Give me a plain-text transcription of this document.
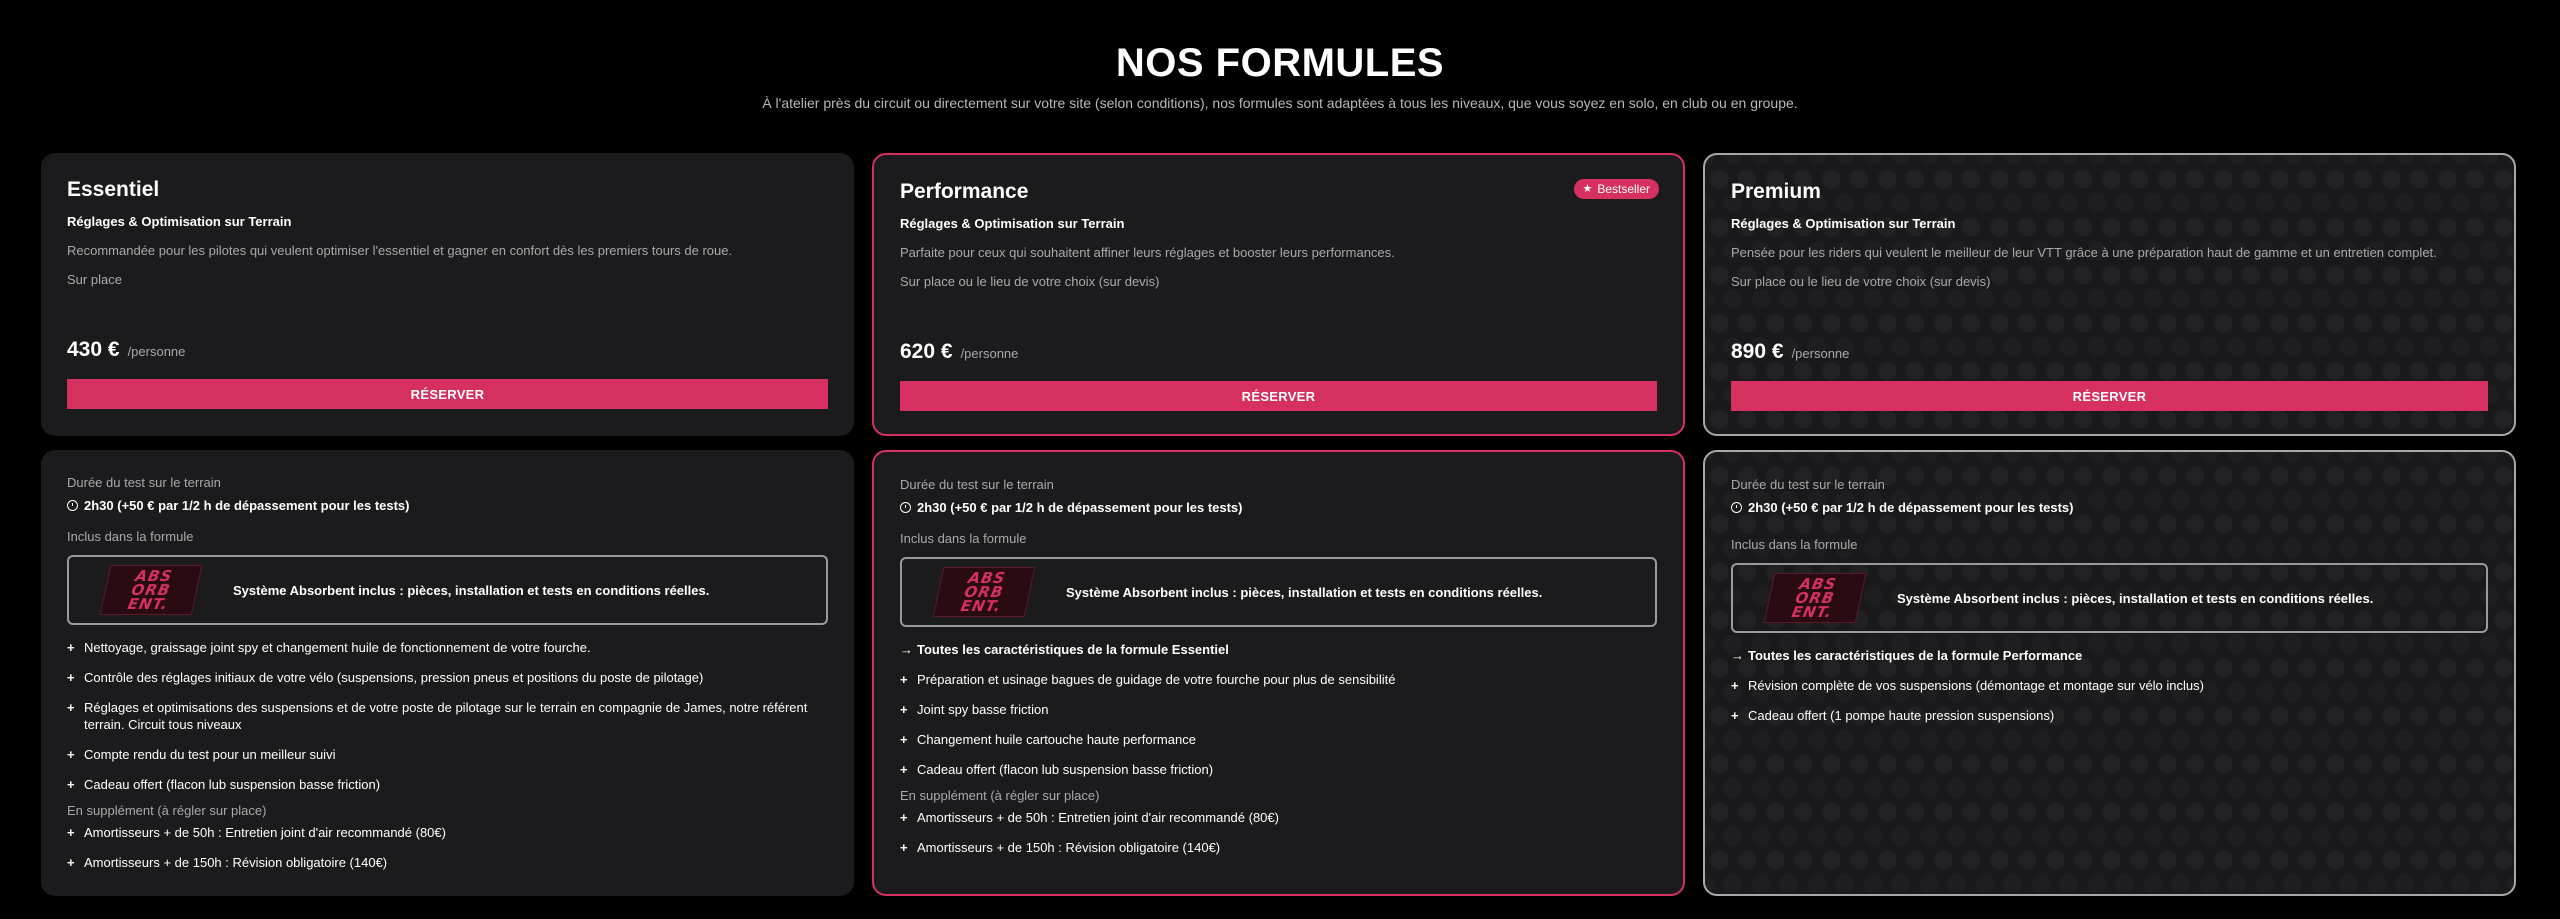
NOS FORMULES

À l'atelier près du circuit ou directement sur votre site (selon conditions), nos formules sont adaptées à tous les niveaux, que vous soyez en solo, en club ou en groupe.

Essentiel
Réglages & Optimisation sur Terrain
Recommandée pour les pilotes qui veulent optimiser l'essentiel et gagner en confort dès les premiers tours de roue.
Sur place
430 € /personne
RÉSERVER
★ Bestseller
Performance
Réglages & Optimisation sur Terrain
Parfaite pour ceux qui souhaitent affiner leurs réglages et booster leurs performances.
Sur place ou le lieu de votre choix (sur devis)
620 € /personne
RÉSERVER
Premium
Réglages & Optimisation sur Terrain
Pensée pour les riders qui veulent le meilleur de leur VTT grâce à une préparation haut de gamme et un entretien complet.
Sur place ou le lieu de votre choix (sur devis)
890 € /personne
RÉSERVER
Durée du test sur le terrain
2h30 (+50 € par 1/2 h de dépassement pour les tests)
Inclus dans la formule
ABS
ORB
ENT.
Système Absorbent inclus : pièces, installation et tests en conditions réelles.
+ Nettoyage, graissage joint spy et changement huile de fonctionnement de votre fourche.
+ Contrôle des réglages initiaux de votre vélo (suspensions, pression pneus et positions du poste de pilotage)
+ Réglages et optimisations des suspensions et de votre poste de pilotage sur le terrain en compagnie de James, notre référent terrain. Circuit tous niveaux
+ Compte rendu du test pour un meilleur suivi
+ Cadeau offert (flacon lub suspension basse friction)
En supplément (à régler sur place)
+ Amortisseurs + de 50h : Entretien joint d'air recommandé (80€)
+ Amortisseurs + de 150h : Révision obligatoire (140€)
Durée du test sur le terrain
2h30 (+50 € par 1/2 h de dépassement pour les tests)
Inclus dans la formule
ABS
ORB
ENT.
Système Absorbent inclus : pièces, installation et tests en conditions réelles.
→ Toutes les caractéristiques de la formule Essentiel
+ Préparation et usinage bagues de guidage de votre fourche pour plus de sensibilité
+ Joint spy basse friction
+ Changement huile cartouche haute performance
+ Cadeau offert (flacon lub suspension basse friction)
En supplément (à régler sur place)
+ Amortisseurs + de 50h : Entretien joint d'air recommandé (80€)
+ Amortisseurs + de 150h : Révision obligatoire (140€)
Durée du test sur le terrain
2h30 (+50 € par 1/2 h de dépassement pour les tests)
Inclus dans la formule
ABS
ORB
ENT.
Système Absorbent inclus : pièces, installation et tests en conditions réelles.
→ Toutes les caractéristiques de la formule Performance
+ Révision complète de vos suspensions (démontage et montage sur vélo inclus)
+ Cadeau offert (1 pompe haute pression suspensions)
